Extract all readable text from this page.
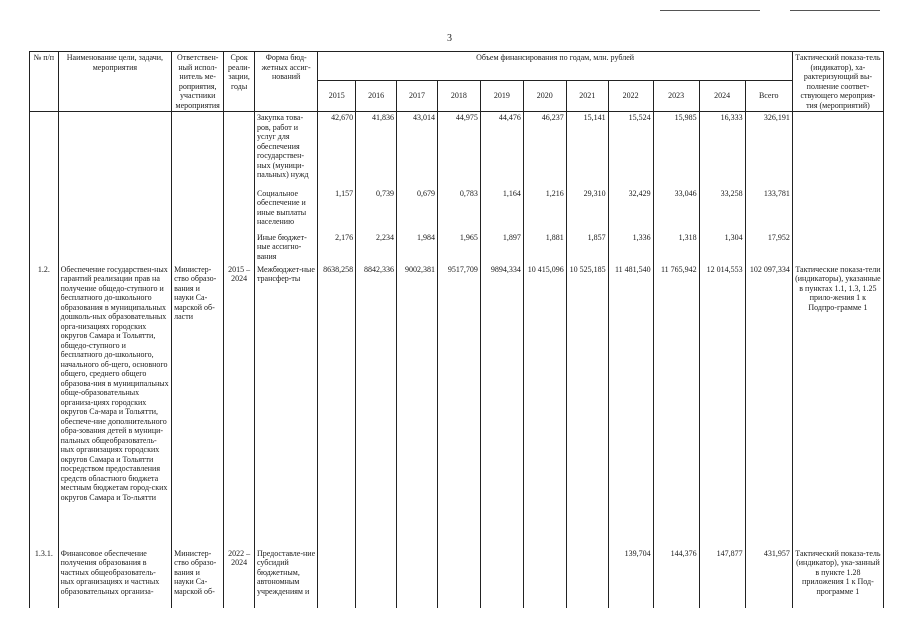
3
№ п/п	Наименование цели, задачи, мероприятия	Ответствен-ный испол-нитель ме-роприятия, участники мероприятия	Срок реали-зации, годы	Форма бюд-жетных ассиг-нований	Объем финансирования по годам, млн. рублей											Тактический показа-тель (индикатор), ха-рактеризующий вы-полнение соответ-ствующего мероприя-тия (мероприятий)
					2015	2016	2017	2018	2019	2020	2021	2022	2023	2024	Всего	
				Закупка това-ров, работ и услуг для обеспечения государствен-ных (муници-пальных) нужд	42,670	41,836	43,014	44,975	44,476	46,237	15,141	15,524	15,985	16,333	326,191	
				Социальное обеспечение и иные выплаты населению	1,157	0,739	0,679	0,783	1,164	1,216	29,310	32,429	33,046	33,258	133,781	
				Иные бюджет-ные ассигно-вания	2,176	2,234	1,984	1,965	1,897	1,881	1,857	1,336	1,318	1,304	17,952	
1.2.	Обеспечение государствен-ных гарантий реализации прав на получение общедо-ступного и бесплатного до-школьного образования в муниципальных дошколь-ных образовательных орга-низациях городских округов Самара и Тольятти, общедо-ступного и бесплатного до-школьного, начального об-щего, основного общего, среднего общего образова-ния в муниципальных обще-образовательных организа-циях городских округов Са-мара и Тольятти, обеспече-ние дополнительного обра-зования детей в муници-пальных общеобразователь-ных организациях городских округов Самара и Тольятти посредством предоставления средств областного бюджета местным бюджетам город-ских округов Самара и То-льятти	Министер-ство образо-вания и науки Са-марской об-ласти	2015 – 2024	Межбюджет-ные трансфер-ты	8638,258	8842,336	9002,381	9517,709	9894,334	10 415,096	10 525,185	11 481,540	11 765,942	12 014,553	102 097,334	Тактические показа-тели (индикаторы), указанные в пунктах 1.1, 1.3, 1.25 прило-жения 1 к Подпро-грамме 1
1.3.1.	Финансовое обеспечение получения образования в частных общеобразователь-ных организациях и частных образовательных организа-	Министер-ство образо-вания и науки Са-марской об-	2022 – 2024	Предоставле-ние субсидий бюджетным, автономным учреждениям и								139,704	144,376	147,877	431,957	Тактический показа-тель (индикатор), ука-занный в пункте 1.28 приложения 1 к Под-программе 1
